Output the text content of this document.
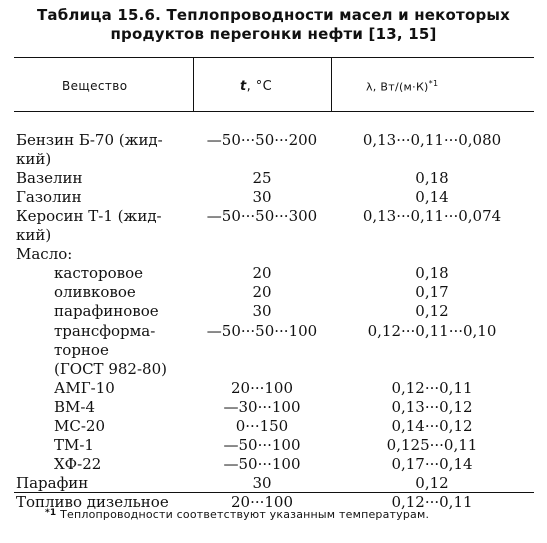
Таблица 15.6. Теплопроводности масел и некоторых
продуктов перегонки нефти [13, 15]
Вещество	t, °C	λ, $Вт/(м\cdot К)^{*1}$
Бензин Б-70 (жид-	—50···50···200	0,13···0,11···0,080
кий)
Вазелин	25	0,18
Газолин	30	0,14
Керосин Т-1 (жид-	—50···50···300	0,13···0,11···0,074
кий)
Масло:
касторовое	20	0,18
оливковое	20	0,17
парафиновое	30	0,12
трансформа-	—50···50···100	0,12···0,11···0,10
торное
(ГОСТ 982-80)
АМГ-10	20···100	0,12···0,11
ВМ-4	—30···100	0,13···0,12
МС-20	0···150	0,14···0,12
ТМ-1	—50···100	0,125···0,11
ХФ-22	—50···100	0,17···0,14
Парафин	30	0,12
Топливо дизельное	20···100	0,12···0,11
$^{*1}$ Теплопроводности соответствуют указанным температурам.
